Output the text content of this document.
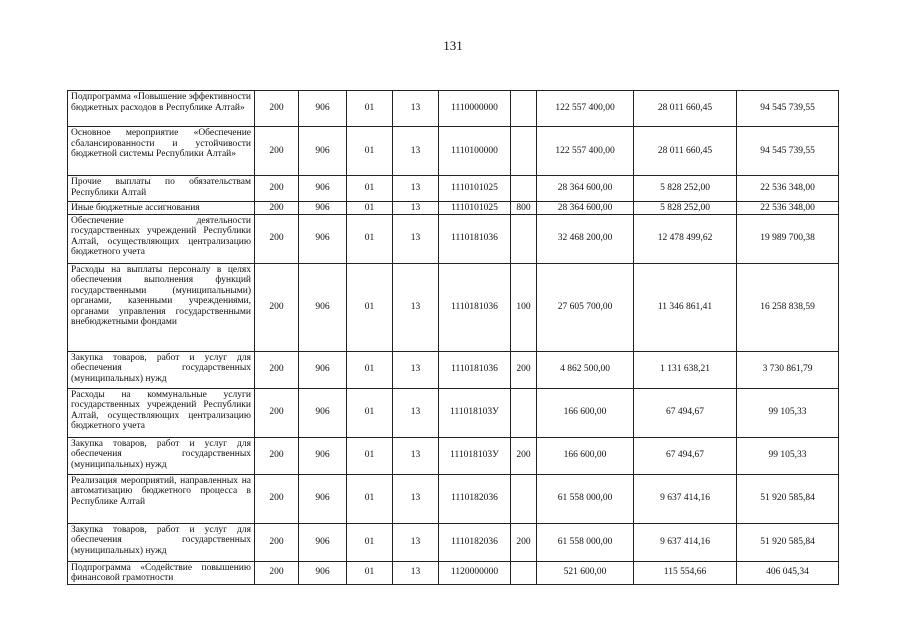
131
Подпрограмма «Повышение эффективности бюджетных расходов в Республике Алтай»	200	906	01	13	1110000000		122 557 400,00	28 011 660,45	94 545 739,55
Основное мероприятие «Обеспечение сбалансированности и устойчивости бюджетной системы Республики Алтай»	200	906	01	13	1110100000		122 557 400,00	28 011 660,45	94 545 739,55
Прочие выплаты по обязательствам Республики Алтай	200	906	01	13	1110101025		28 364 600,00	5 828 252,00	22 536 348,00
Иные бюджетные ассигнования	200	906	01	13	1110101025	800	28 364 600,00	5 828 252,00	22 536 348,00
Обеспечение деятельности государственных учреждений Республики Алтай, осуществляющих централизацию бюджетного учета	200	906	01	13	1110181036		32 468 200,00	12 478 499,62	19 989 700,38
Расходы на выплаты персоналу в целях обеспечения выполнения функций государственными (муниципальными) органами, казенными учреждениями, органами управления государственными внебюджетными фондами	200	906	01	13	1110181036	100	27 605 700,00	11 346 861,41	16 258 838,59
Закупка товаров, работ и услуг для обеспечения государственных (муниципальных) нужд	200	906	01	13	1110181036	200	4 862 500,00	1 131 638,21	3 730 861,79
Расходы на коммунальные услуги государственных учреждений Республики Алтай, осуществляющих централизацию бюджетного учета	200	906	01	13	111018103У		166 600,00	67 494,67	99 105,33
Закупка товаров, работ и услуг для обеспечения государственных (муниципальных) нужд	200	906	01	13	111018103У	200	166 600,00	67 494,67	99 105,33
Реализация мероприятий, направленных на автоматизацию бюджетного процесса в Республике Алтай	200	906	01	13	1110182036		61 558 000,00	9 637 414,16	51 920 585,84
Закупка товаров, работ и услуг для обеспечения государственных (муниципальных) нужд	200	906	01	13	1110182036	200	61 558 000,00	9 637 414,16	51 920 585,84
Подпрограмма «Содействие повышению финансовой грамотности	200	906	01	13	1120000000		521 600,00	115 554,66	406 045,34
